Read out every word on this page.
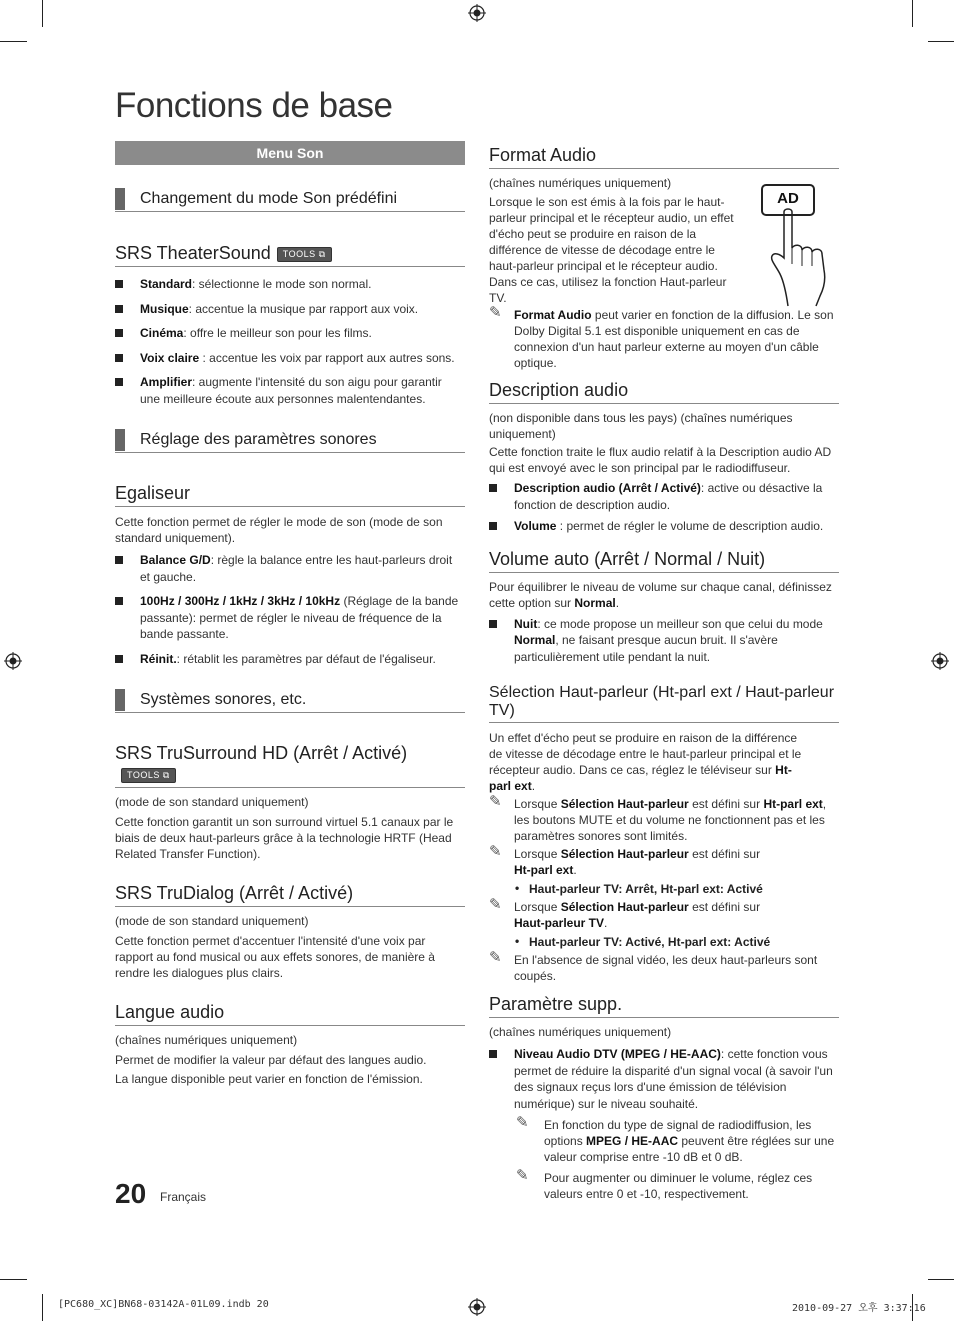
Fonctions de base
Menu Son
Changement du mode Son prédéfini
SRS TheaterSound TOOLS ⧉
Standard: sélectionne le mode son normal.
Musique: accentue la musique par rapport aux voix.
Cinéma: offre le meilleur son pour les films.
Voix claire : accentue les voix par rapport aux autres sons.
Amplifier: augmente l'intensité du son aigu pour garantir une meilleure écoute aux personnes malentendantes.
Réglage des paramètres sonores
Egaliseur
Cette fonction permet de régler le mode de son (mode de son standard uniquement).
Balance G/D: règle la balance entre les haut-parleurs droit et gauche.
100Hz / 300Hz / 1kHz / 3kHz / 10kHz (Réglage de la bande passante): permet de régler le niveau de fréquence de la bande passante.
Réinit.: rétablit les paramètres par défaut de l'égaliseur.
Systèmes sonores, etc.
SRS TruSurround HD (Arrêt / Activé)TOOLS ⧉
(mode de son standard uniquement)
Cette fonction garantit un son surround virtuel 5.1 canaux par le biais de deux haut-parleurs grâce à la technologie HRTF (Head Related Transfer Function).
SRS TruDialog (Arrêt / Activé)
(mode de son standard uniquement)
Cette fonction permet d'accentuer l'intensité d'une voix par rapport au fond musical ou aux effets sonores, de manière à rendre les dialogues plus clairs.
Langue audio
(chaînes numériques uniquement)
Permet de modifier la valeur par défaut des langues audio.
La langue disponible peut varier en fonction de l'émission.
Format Audio
(chaînes numériques uniquement)
Lorsque le son est émis à la fois par le haut-parleur principal et le récepteur audio, un effet d'écho peut se produire en raison de la différence de vitesse de décodage entre le haut-parleur principal et le récepteur audio. Dans ce cas, utilisez la fonction Haut-parleur TV.
✎ Format Audio peut varier en fonction de la diffusion. Le son Dolby Digital 5.1 est disponible uniquement en cas de connexion d'un haut parleur externe au moyen d'un câble optique.
Description audio
(non disponible dans tous les pays) (chaînes numériques uniquement)
Cette fonction traite le flux audio relatif à la Description audio AD qui est envoyé avec le son principal par le radiodiffuseur.
Description audio (Arrêt / Activé): active ou désactive la fonction de description audio.
Volume : permet de régler le volume de description audio.
Volume auto (Arrêt / Normal / Nuit)
Pour équilibrer le niveau de volume sur chaque canal, définissez cette option sur Normal.
Nuit: ce mode propose un meilleur son que celui du mode Normal, ne faisant presque aucun bruit. Il s'avère particulièrement utile pendant la nuit.
Sélection Haut-parleur (Ht-parl ext / Haut-parleur TV)
Un effet d'écho peut se produire en raison de la différence de vitesse de décodage entre le haut-parleur principal et le récepteur audio. Dans ce cas, réglez le téléviseur sur Ht-parl ext.
✎ Lorsque Sélection Haut-parleur est défini sur Ht-parl ext, les boutons MUTE et du volume ne fonctionnent pas et les paramètres sonores sont limités.
✎ Lorsque Sélection Haut-parleur est défini sur
Ht-parl ext.
• Haut-parleur TV: Arrêt, Ht-parl ext: Activé
✎ Lorsque Sélection Haut-parleur est défini sur
Haut-parleur TV.
• Haut-parleur TV: Activé, Ht-parl ext: Activé
✎ En l'absence de signal vidéo, les deux haut-parleurs sont coupés.
Paramètre supp.
(chaînes numériques uniquement)
Niveau Audio DTV (MPEG / HE-AAC): cette fonction vous permet de réduire la disparité d'un signal vocal (à savoir l'un des signaux reçus lors d'une émission de télévision numérique) sur le niveau souhaité.
✎ En fonction du type de signal de radiodiffusion, les options MPEG / HE-AAC peuvent être réglées sur une valeur comprise entre -10 dB et 0 dB.
✎ Pour augmenter ou diminuer le volume, réglez ces valeurs entre 0 et -10, respectivement.
AD
20 Français
[PC680_XC]BN68-03142A-01L09.indb 20	2010-09-27 오후 3:37:16
